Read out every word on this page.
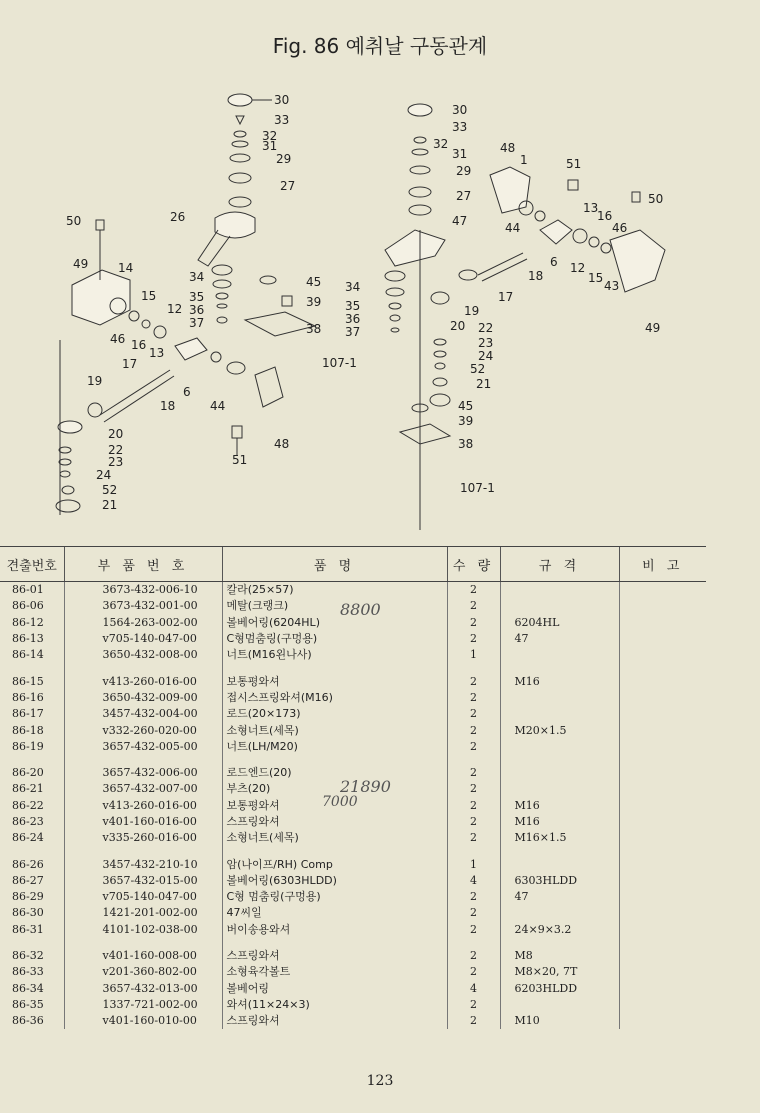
Fig. 86 예취날 구동관계
30
33
32
31
29
27
26
50
49 14
15
46 16
13
12
34
35
36
37
45
39
38
107-1
17
19
18
6
44
48
51
20
22
23
24
52
21
30
33
32
31
29
27
47
48
1	51
50
13
16
46
44
18
6 12
15
43
17
49
34
35
36
37
19
20 22
23
24
52
21
45
39
38
107-1
견출번호	부 품 번 호	품 명	수 량	규 격	비 고
86-01	3673-432-006-10	칼라(25×57)	2		
86-06	3673-432-001-00	메탈(크랭크)	2		
86-12	1564-263-002-00	볼베어링(6204HL)	2	6204HL	
86-13	v705-140-047-00	C형멈춤링(구멍용)	2	47	
86-14	3650-432-008-00	너트(M16왼나사)	1		

86-15	v413-260-016-00	보통평와셔	2	M16	
86-16	3650-432-009-00	접시스프링와셔(M16)	2		
86-17	3457-432-004-00	로드(20×173)	2		
86-18	v332-260-020-00	소형너트(세목)	2	M20×1.5	
86-19	3657-432-005-00	너트(LH/M20)	2		

86-20	3657-432-006-00	로드엔드(20)	2		
86-21	3657-432-007-00	부츠(20)	2		
86-22	v413-260-016-00	보통평와셔	2	M16	
86-23	v401-160-016-00	스프링와셔	2	M16	
86-24	v335-260-016-00	소형너트(세목)	2	M16×1.5	

86-26	3457-432-210-10	암(나이프/RH) Comp	1		
86-27	3657-432-015-00	볼베어링(6303HLDD)	4	6303HLDD	
86-29	v705-140-047-00	C형 멈춤링(구멍용)	2	47	
86-30	1421-201-002-00	47씨일	2		
86-31	4101-102-038-00	버이송용와셔	2	24×9×3.2	

86-32	v401-160-008-00	스프링와셔	2	M8	
86-33	v201-360-802-00	소형육각볼트	2	M8×20, 7T	
86-34	3657-432-013-00	볼베어링	4	6203HLDD	
86-35	1337-721-002-00	와셔(11×24×3)	2		
86-36	v401-160-010-00	스프링와셔	2	M10	
8800
21890
7000
123
